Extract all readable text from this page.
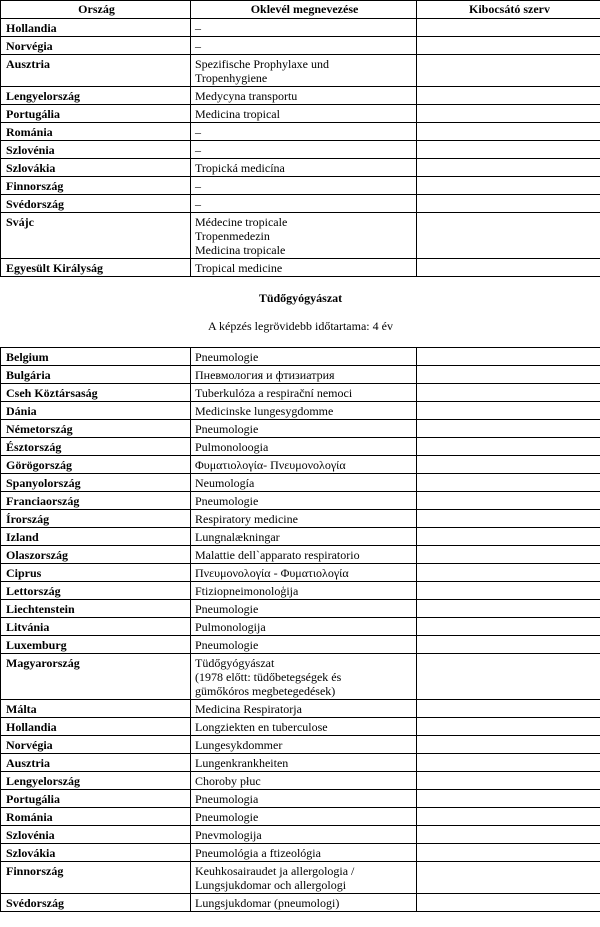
Ország	Oklevél megnevezése	Kibocsátó szerv
Hollandia	–	
Norvégia	–	
Ausztria	Spezifische Prophylaxe und
Tropenhygiene	
Lengyelország	Medycyna transportu	
Portugália	Medicina tropical	
Románia	–	
Szlovénia	–	
Szlovákia	Tropická medicína	
Finnország	–	
Svédország	–	
Svájc	Médecine tropicale
Tropenmedezin
Medicina tropicale	
Egyesült Királyság	Tropical medicine	

Tüdőgyógyászat

A képzés legrövidebb időtartama: 4 év		

Belgium	Pneumologie	
Bulgária	Пневмология и фтизиатрия	
Cseh Köztársaság	Tuberkulóza a respirační nemoci	
Dánia	Medicinske lungesygdomme	
Németország	Pneumologie	
Észtország	Pulmonoloogia	
Görögország	Φυματιολογία- Πνευμονολογία	
Spanyolország	Neumología	
Franciaország	Pneumologie	
Írország	Respiratory medicine	
Izland	Lungnalækningar	
Olaszország	Malattie dell`apparato respiratorio	
Ciprus	Πνευμονολογία - Φυματιολογία	
Lettország	Ftiziopneimonoloģija	
Liechtenstein	Pneumologie	
Litvánia	Pulmonologija	
Luxemburg	Pneumologie	
Magyarország	Tüdőgyógyászat
(1978 előtt: tüdőbetegségek és
gümőkóros megbetegedések)	
Málta	Medicina Respiratorja	
Hollandia	Longziekten en tuberculose	
Norvégia	Lungesykdommer	
Ausztria	Lungenkrankheiten	
Lengyelország	Choroby płuc	
Portugália	Pneumologia	
Románia	Pneumologie	
Szlovénia	Pnevmologija	
Szlovákia	Pneumológia a ftizeológia	
Finnország	Keuhkosairaudet ja allergologia /
Lungsjukdomar och allergologi	
Svédország	Lungsjukdomar (pneumologi)	
